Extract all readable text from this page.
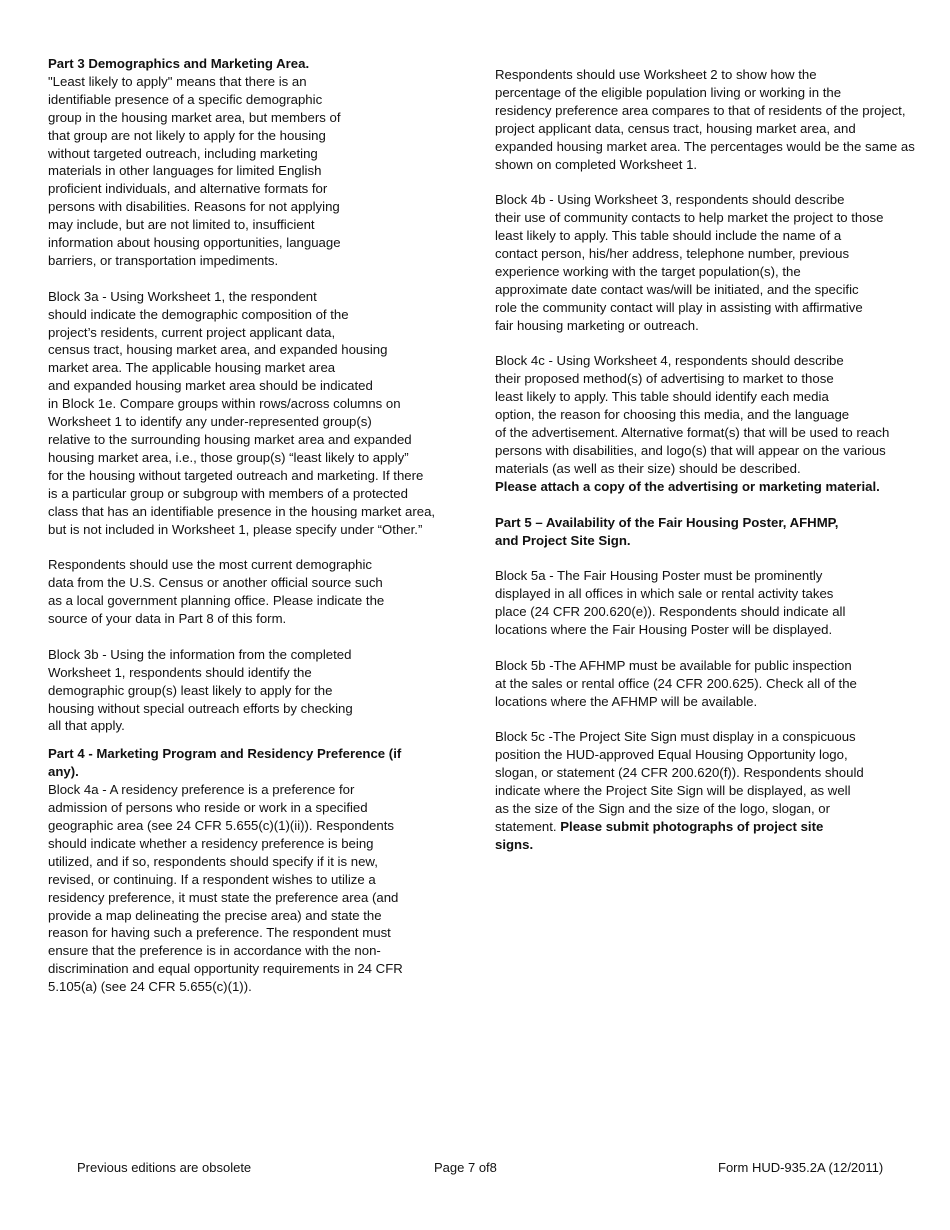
Part 3 Demographics and Marketing Area.
"Least likely to apply" means that there is an
identifiable presence of a specific demographic
group in the housing market area, but members of
that group are not likely to apply for the housing
without targeted outreach, including marketing
materials in other languages for limited English
proficient individuals, and alternative formats for
persons with disabilities. Reasons for not applying
may include, but are not limited to, insufficient
information about housing opportunities, language
barriers, or transportation impediments.
Block 3a - Using Worksheet 1, the respondent
should indicate the demographic composition of the
project’s residents, current project applicant data,
census tract, housing market area, and expanded housing
market area. The applicable housing market area
and expanded housing market area should be indicated
in Block 1e. Compare groups within rows/across columns on
Worksheet 1 to identify any under-represented group(s)
relative to the surrounding housing market area and expanded
housing market area, i.e., those group(s) “least likely to apply”
for the housing without targeted outreach and marketing. If there
is a particular group or subgroup with members of a protected
class that has an identifiable presence in the housing market area,
but is not included in Worksheet 1, please specify under “Other.”
Respondents should use the most current demographic
data from the U.S. Census or another official source such
as a local government planning office. Please indicate the
source of your data in Part 8 of this form.
Block 3b - Using the information from the completed
Worksheet 1, respondents should identify the
demographic group(s) least likely to apply for the
housing without special outreach efforts by checking
all that apply.
Part 4 - Marketing Program and Residency Preference (if
any).
Block 4a - A residency preference is a preference for
admission of persons who reside or work in a specified
geographic area (see 24 CFR 5.655(c)(1)(ii)). Respondents
should indicate whether a residency preference is being
utilized, and if so, respondents should specify if it is new,
revised, or continuing. If a respondent wishes to utilize a
residency preference, it must state the preference area (and
provide a map delineating the precise area) and state the
reason for having such a preference. The respondent must
ensure that the preference is in accordance with the non-
discrimination and equal opportunity requirements in 24 CFR
5.105(a) (see 24 CFR 5.655(c)(1)).
Respondents should use Worksheet 2 to show how the
percentage of the eligible population living or working in the
residency preference area compares to that of residents of the project,
project applicant data, census tract, housing market area, and
expanded housing market area. The percentages would be the same as
shown on completed Worksheet 1.
Block 4b - Using Worksheet 3, respondents should describe
their use of community contacts to help market the project to those
least likely to apply. This table should include the name of a
contact person, his/her address, telephone number, previous
experience working with the target population(s), the
approximate date contact was/will be initiated, and the specific
role the community contact will play in assisting with affirmative
fair housing marketing or outreach.
Block 4c - Using Worksheet 4, respondents should describe
their proposed method(s) of advertising to market to those
least likely to apply. This table should identify each media
option, the reason for choosing this media, and the language
of the advertisement. Alternative format(s) that will be used to reach
persons with disabilities, and logo(s) that will appear on the various
materials (as well as their size) should be described.
Please attach a copy of the advertising or marketing material.
Part 5 – Availability of the Fair Housing Poster, AFHMP,
and Project Site Sign.
Block 5a - The Fair Housing Poster must be prominently
displayed in all offices in which sale or rental activity takes
place (24 CFR 200.620(e)). Respondents should indicate all
locations where the Fair Housing Poster will be displayed.
Block 5b -The AFHMP must be available for public inspection
at the sales or rental office (24 CFR 200.625). Check all of the
locations where the AFHMP will be available.
Block 5c -The Project Site Sign must display in a conspicuous
position the HUD-approved Equal Housing Opportunity logo,
slogan, or statement (24 CFR 200.620(f)). Respondents should
indicate where the Project Site Sign will be displayed, as well
as the size of the Sign and the size of the logo, slogan, or
statement. Please submit photographs of project site
signs.
Previous editions are obsolete	Page 7 of8	Form HUD-935.2A (12/2011)
